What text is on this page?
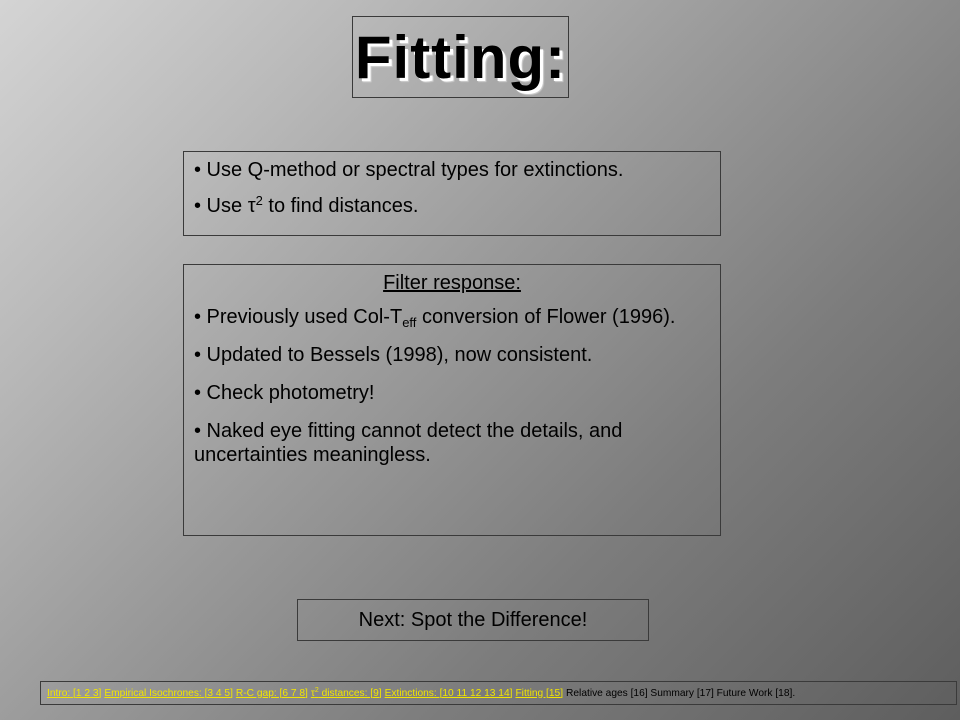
Fitting:

• Use Q-method or spectral types for extinctions.

• Use $\tau^2$ to find distances.

Filter response:

• Previously used Col-$T_{eff}$ conversion of Flower (1996).

• Updated to Bessels (1998), now consistent.

• Check photometry!

• Naked eye fitting cannot detect the details, and uncertainties meaningless.

Next: Spot the Difference!
Intro: [1 2 3] Empirical Isochrones: [3 4 5] R-C gap: [6 7 8] $\tau^2$ distances: [9] Extinctions: [10 11 12 13 14] Fitting [15] Relative ages [16] Summary [17] Future Work [18].
